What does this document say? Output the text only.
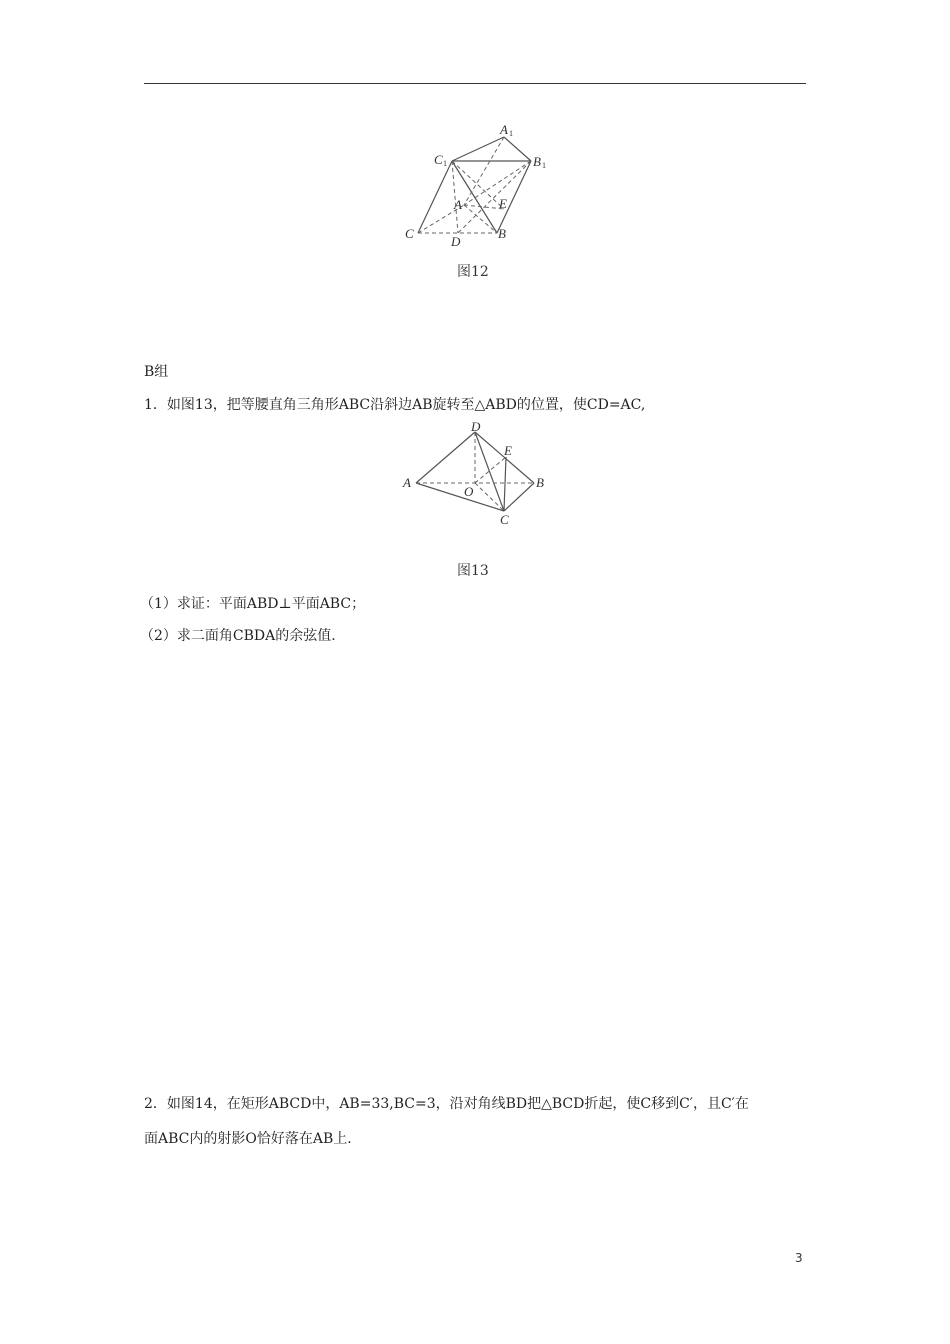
A 1
C 1	B 1
A	E
C
D
B
图12
B组
1．如图13，把等腰直角三角形ABC沿斜边AB旋转至△ABD的位置，使CD=AC,
D
E
A
O
B
C
图13
（1）求证：平面ABD⊥平面ABC；
（2）求二面角CBDA的余弦值.
2．如图14，在矩形ABCD中，AB=33,BC=3，沿对角线BD把△BCD折起，使C移到C′，且C′在
面ABC内的射影O恰好落在AB上.
3
